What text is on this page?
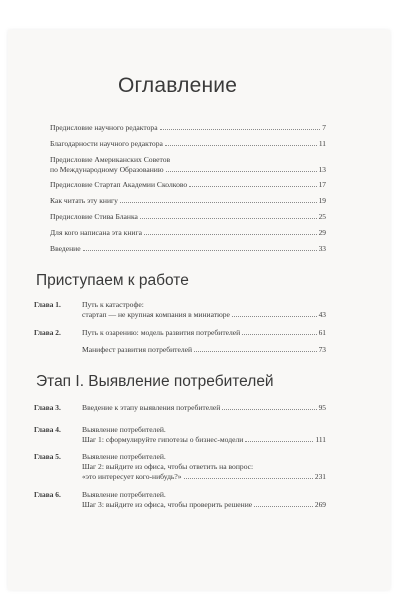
Оглавление
Предисловие научного редактора	7
Благодарности научного редактора	11
Предисловие Американских Советов
по Международному Образованию	13
Предисловие Стартап Академии Сколково	17
Как читать эту книгу	19
Предисловие Стива Бланка	25
Для кого написана эта книга	29
Введение	33
Приступаем к работе
Глава 1.	Путь к катастрофе:
стартап — не крупная компания в миниатюре	43
Глава 2.	Путь к озарению: модель развития потребителей	61
Манифест развития потребителей	73
Этап I. Выявление потребителей
Глава 3.	Введение к этапу выявления потребителей	95
Глава 4.	Выявление потребителей.
Шаг 1: сформулируйте гипотезы о бизнес-модели	111
Глава 5.	Выявление потребителей.
Шаг 2: выйдите из офиса, чтобы ответить на вопрос:
«это интересует кого-нибудь?»	231
Глава 6.	Выявление потребителей.
Шаг 3: выйдите из офиса, чтобы проверить решение	269
